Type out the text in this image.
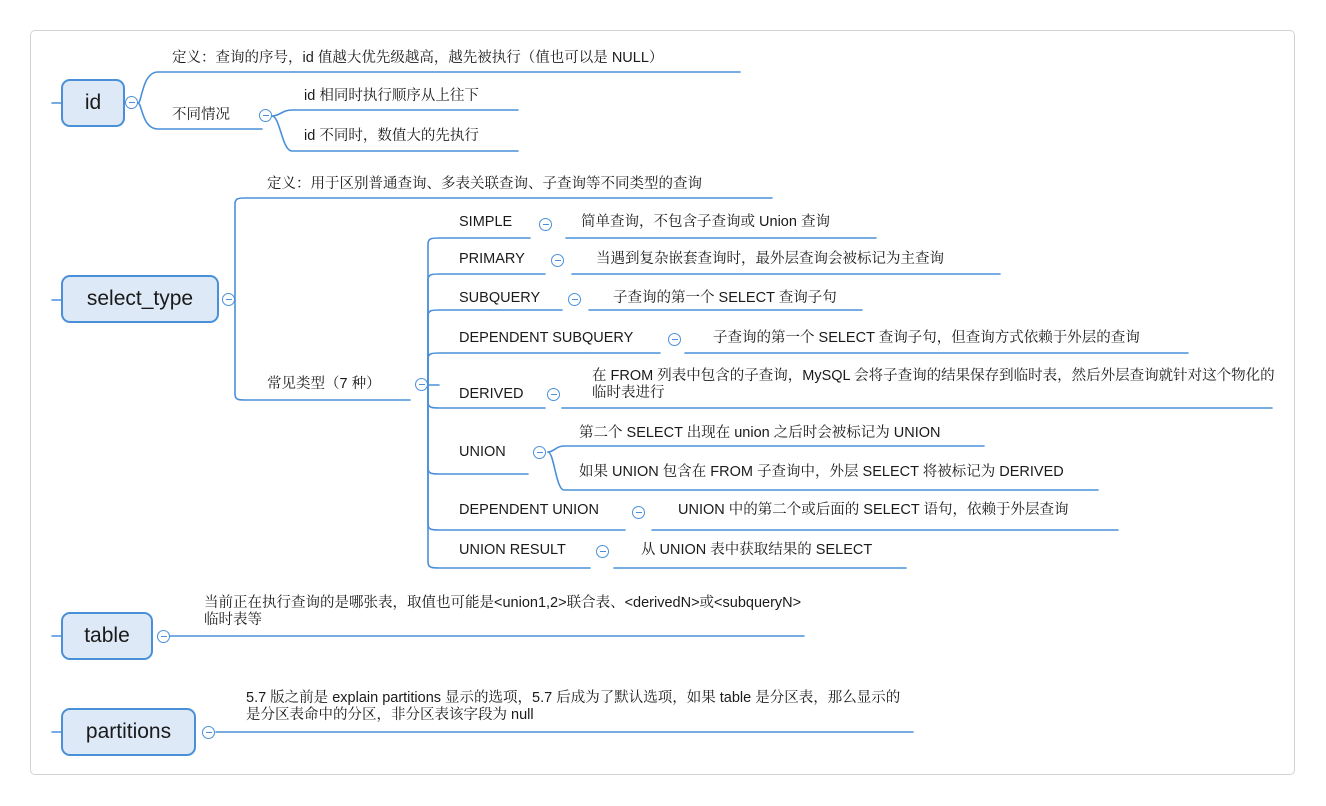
id
定义：查询的序号，id 值越大优先级越高，越先被执行（值也可以是 NULL）
不同情况
id 相同时执行顺序从上往下
id 不同时，数值大的先执行
select_type
定义：用于区别普通查询、多表关联查询、子查询等不同类型的查询
常见类型（7 种）
SIMPLE	简单查询，不包含子查询或 Union 查询
PRIMARY	当遇到复杂嵌套查询时，最外层查询会被标记为主查询
SUBQUERY	子查询的第一个 SELECT 查询子句
DEPENDENT SUBQUERY	子查询的第一个 SELECT 查询子句，但查询方式依赖于外层的查询
DERIVED
在 FROM 列表中包含的子查询，MySQL 会将子查询的结果保存到临时表，然后外层查询就针对这个物化的临时表进行
UNION
第二个 SELECT 出现在 union 之后时会被标记为 UNION
如果 UNION 包含在 FROM 子查询中，外层 SELECT 将被标记为 DERIVED
DEPENDENT UNION	UNION 中的第二个或后面的 SELECT 语句，依赖于外层查询
UNION RESULT	从 UNION 表中获取结果的 SELECT
table
当前正在执行查询的是哪张表，取值也可能是<union1,2>联合表、<derivedN>或<subqueryN>临时表等
partitions
5.7 版之前是 explain partitions 显示的选项，5.7 后成为了默认选项，如果 table 是分区表，那么显示的是分区表命中的分区，非分区表该字段为 null
